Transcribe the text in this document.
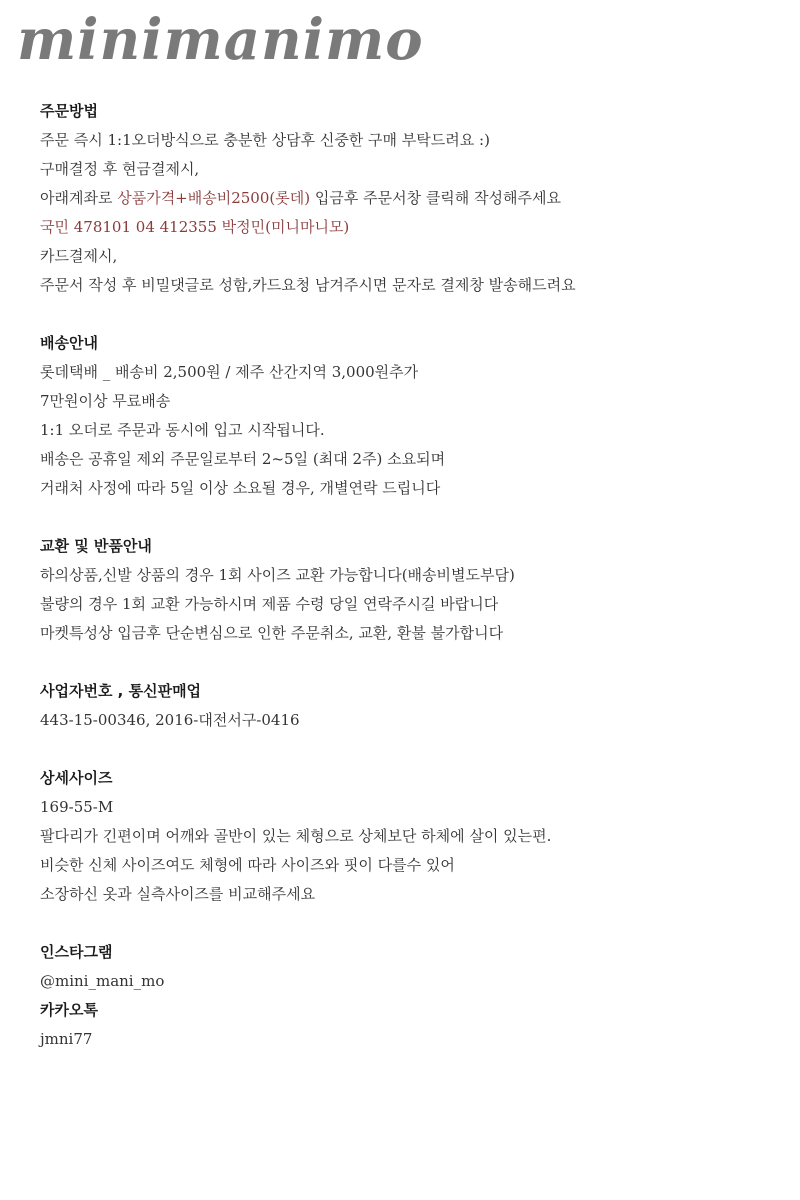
minimanimo
주문방법
주문 즉시 1:1오더방식으로 충분한 상담후 신중한 구매 부탁드려요 :)
구매결정 후 현금결제시,
아래계좌로 상품가격+배송비2500(롯데) 입금후 주문서창 클릭해 작성해주세요
국민 478101 04 412355 박정민(미니마니모)
카드결제시,
주문서 작성 후 비밀댓글로 성함,카드요청 남겨주시면 문자로 결제창 발송해드려요
배송안내
롯데택배 _ 배송비 2,500원 / 제주 산간지역 3,000원추가
7만원이상 무료배송
1:1 오더로 주문과 동시에 입고 시작됩니다.
배송은 공휴일 제외 주문일로부터 2~5일 (최대 2주) 소요되며
거래처 사정에 따라 5일 이상 소요될 경우, 개별연락 드립니다
교환 및 반품안내
하의상품,신발 상품의 경우 1회 사이즈 교환 가능합니다(배송비별도부담)
불량의 경우 1회 교환 가능하시며 제품 수령 당일 연락주시길 바랍니다
마켓특성상 입금후 단순변심으로 인한 주문취소, 교환, 환불 불가합니다
사업자번호 , 통신판매업
443-15-00346, 2016-대전서구-0416
상세사이즈
169-55-M
팔다리가 긴편이며 어깨와 골반이 있는 체형으로 상체보단 하체에 살이 있는편.
비슷한 신체 사이즈여도 체형에 따라 사이즈와 핏이 다를수 있어
소장하신 옷과 실측사이즈를 비교해주세요
인스타그램
@mini_mani_mo
카카오톡
jmni77
